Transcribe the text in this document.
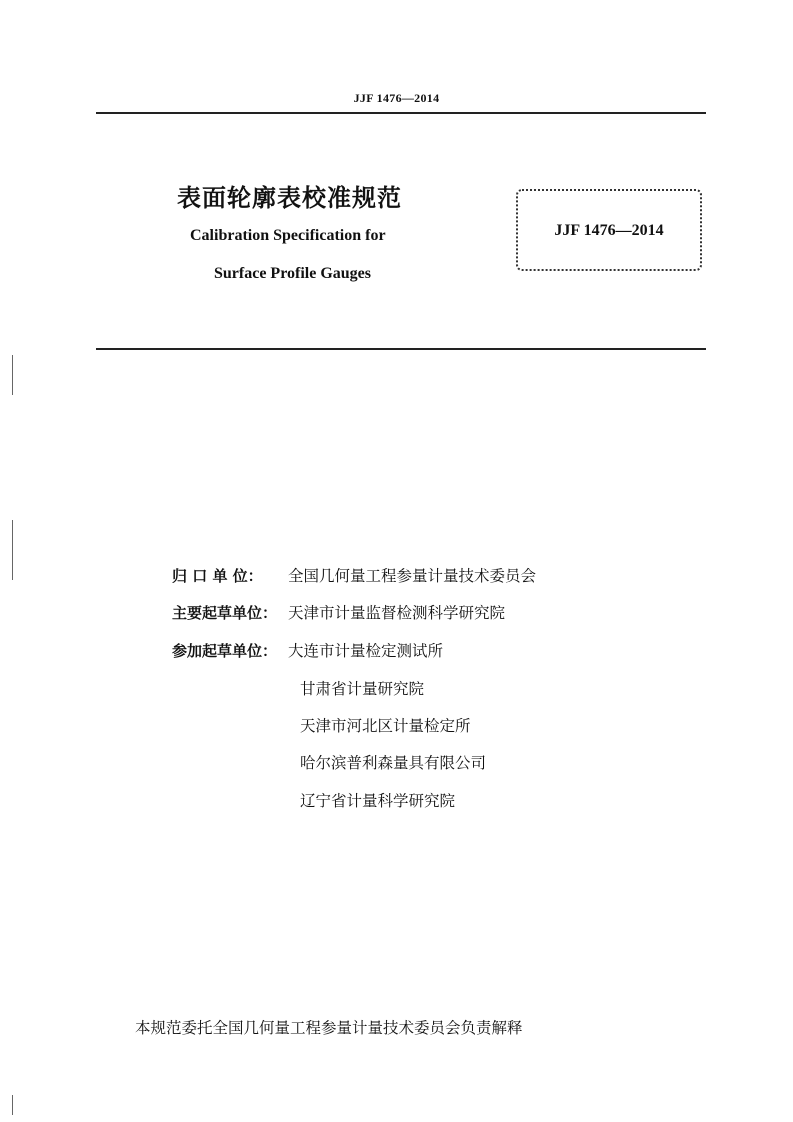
JJF 1476—2014
表面轮廓表校准规范
Calibration Specification for
Surface Profile Gauges
JJF 1476—2014
归 口 单 位： 全国几何量工程参量计量技术委员会
主要起草单位： 天津市计量监督检测科学研究院
参加起草单位： 大连市计量检定测试所
甘肃省计量研究院
天津市河北区计量检定所
哈尔滨普利森量具有限公司
辽宁省计量科学研究院
本规范委托全国几何量工程参量计量技术委员会负责解释
